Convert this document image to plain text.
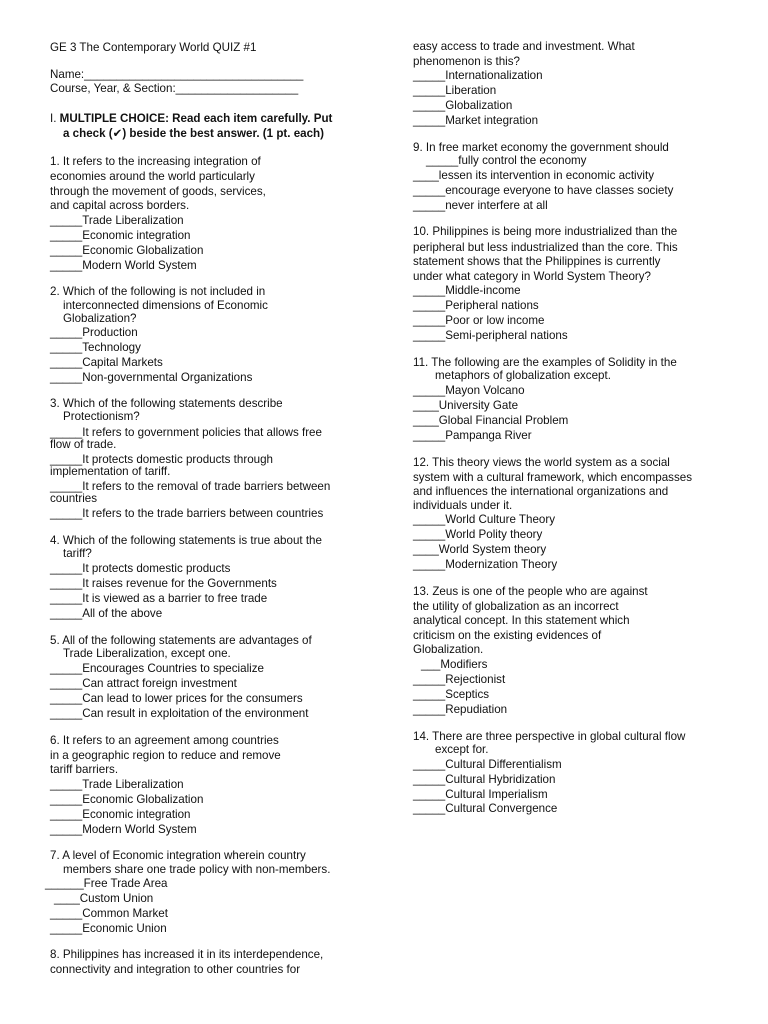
GE 3 The Contemporary World QUIZ #1
Name:__________________________________
Course, Year, & Section:___________________
I. MULTIPLE CHOICE: Read each item carefully. Put
a check (✔) beside the best answer. (1 pt. each)
1. It refers to the increasing integration of
economies around the world particularly
through the movement of goods, services,
and capital across borders.
_____Trade Liberalization
_____Economic integration
_____Economic Globalization
_____Modern World System
2. Which of the following is not included in
interconnected dimensions of Economic
Globalization?
_____Production
_____Technology
_____Capital Markets
_____Non-governmental Organizations
3. Which of the following statements describe
Protectionism?
_____It refers to government policies that allows free
flow of trade.
_____It protects domestic products through
implementation of tariff.
_____It refers to the removal of trade barriers between
countries
_____It refers to the trade barriers between countries
4. Which of the following statements is true about the
tariff?
_____It protects domestic products
_____It raises revenue for the Governments
_____It is viewed as a barrier to free trade
_____All of the above
5. All of the following statements are advantages of
Trade Liberalization, except one.
_____Encourages Countries to specialize
_____Can attract foreign investment
_____Can lead to lower prices for the consumers
_____Can result in exploitation of the environment
6. It refers to an agreement among countries
in a geographic region to reduce and remove
tariff barriers.
_____Trade Liberalization
_____Economic Globalization
_____Economic integration
_____Modern World System
7. A level of Economic integration wherein country
members share one trade policy with non-members.
______Free Trade Area
____Custom Union
_____Common Market
_____Economic Union
8. Philippines has increased it in its interdependence,
connectivity and integration to other countries for
easy access to trade and investment. What
phenomenon is this?
_____Internationalization
_____Liberation
_____Globalization
_____Market integration
9. In free market economy the government should
_____fully control the economy
____lessen its intervention in economic activity
_____encourage everyone to have classes society
_____never interfere at all
10. Philippines is being more industrialized than the
peripheral but less industrialized than the core. This
statement shows that the Philippines is currently
under what category in World System Theory?
_____Middle-income
_____Peripheral nations
_____Poor or low income
_____Semi-peripheral nations
11. The following are the examples of Solidity in the
metaphors of globalization except.
_____Mayon Volcano
____University Gate
____Global Financial Problem
_____Pampanga River
12. This theory views the world system as a social
system with a cultural framework, which encompasses
and influences the international organizations and
individuals under it.
_____World Culture Theory
_____World Polity theory
____World System theory
_____Modernization Theory
13. Zeus is one of the people who are against
the utility of globalization as an incorrect
analytical concept. In this statement which
criticism on the existing evidences of
Globalization.
___Modifiers
_____Rejectionist
_____Sceptics
_____Repudiation
14. There are three perspective in global cultural flow
except for.
_____Cultural Differentialism
_____Cultural Hybridization
_____Cultural Imperialism
_____Cultural Convergence
